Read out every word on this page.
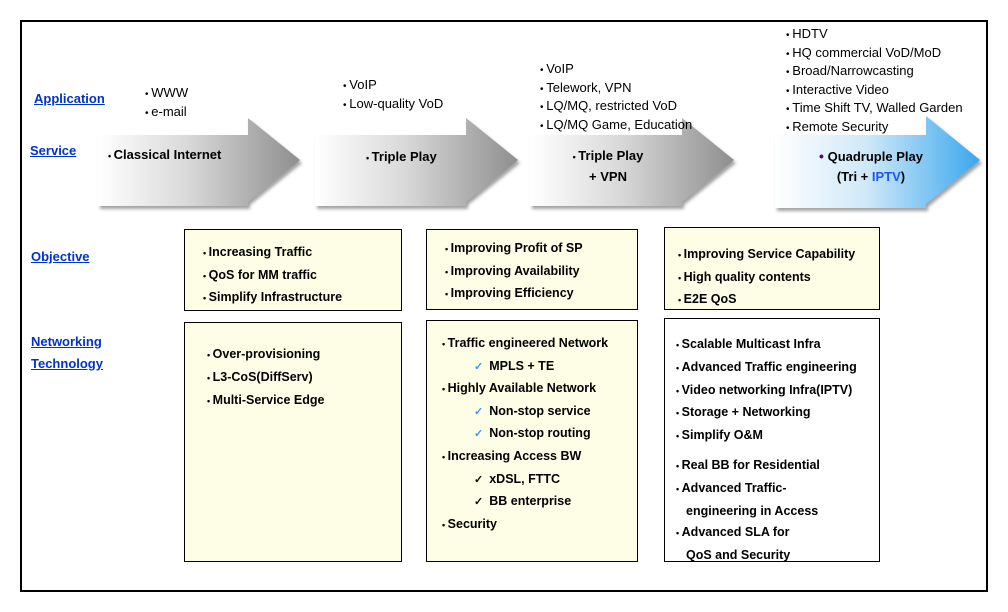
Application
Service
Objective
Networking
Technology
• WWW
• e-mail
• VoIP
• Low-quality VoD
• VoIP
• Telework, VPN
• LQ/MQ, restricted VoD
• LQ/MQ Game, Education
• HDTV
• HQ commercial VoD/MoD
• Broad/Narrowcasting
• Interactive Video
• Time Shift TV, Walled Garden
• Remote Security
• Classical Internet	• Triple Play	• Triple Play
+ VPN
• Quadruple Play
(Tri + IPTV)
• Increasing Traffic
• QoS for MM traffic
• Simplify Infrastructure
• Improving Profit of SP
• Improving Availability
• Improving Efficiency
• Improving Service Capability
• High quality contents
• E2E QoS
• Over-provisioning
• L3-CoS(DiffServ)
• Multi-Service Edge
• Traffic engineered Network
✓ MPLS + TE
• Highly Available Network
✓ Non-stop service
✓ Non-stop routing
• Increasing Access BW
✓ xDSL, FTTC
✓ BB enterprise
• Security
• Scalable Multicast Infra
• Advanced Traffic engineering
• Video networking Infra(IPTV)
• Storage + Networking
• Simplify O&M
• Real BB for Residential
• Advanced Traffic-
engineering in Access
• Advanced SLA for
QoS and Security
